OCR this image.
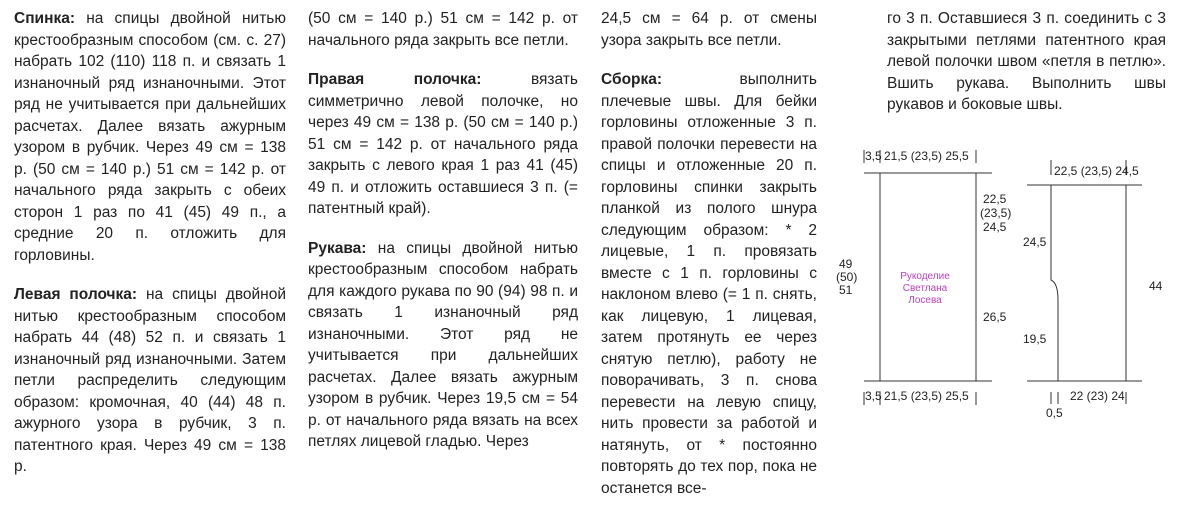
Спинка: на спицы двойной нитью крестообразным способом (см. с. 27) набрать 102 (110) 118 п. и связать 1 изнаночный ряд изнаночными. Этот ряд не учитывается при дальнейших расчетах. Далее вязать ажурным узором в рубчик. Через 49 см = 138 р. (50 см = 140 р.) 51 см = 142 р. от начального ряда закрыть с обеих сторон 1 раз по 41 (45) 49 п., а средние 20 п. отложить для горловины.

Левая полочка: на спицы двойной нитью крестообразным способом набрать 44 (48) 52 п. и связать 1 изнаночный ряд изнаночными. Затем петли распределить следующим образом: кромочная, 40 (44) 48 п. ажурного узора в рубчик, 3 п. патентного края. Через 49 см = 138 р.

(50 см = 140 р.) 51 см = 142 р. от начального ряда закрыть все петли.

Правая полочка: вязать симметрично левой полочке, но через 49 см = 138 р. (50 см = 140 р.) 51 см = 142 р. от начального ряда закрыть с левого края 1 раз 41 (45) 49 п. и отложить оставшиеся 3 п. (= патентный край).

Рукава: на спицы двойной нитью крестообразным способом набрать для каждого рукава по 90 (94) 98 п. и связать 1 изнаночный ряд изнаночными. Этот ряд не учитывается при дальнейших расчетах. Далее вязать ажурным узором в рубчик. Через 19,5 см = 54 р. от начального ряда вязать на всех петлях лицевой гладью. Через

24,5 см = 64 р. от смены узора закрыть все петли.

Сборка: выполнить плечевые швы. Для бейки горловины отложенные 3 п. правой полочки перевести на спицы и отложенные 20 п. горловины спинки закрыть планкой из полого шнура следующим образом: * 2 лицевые, 1 п. провязать вместе с 1 п. горловины с наклоном влево (= 1 п. снять, как лицевую, 1 лицевая, затем протянуть ее через снятую петлю), работу не поворачивать, 3 п. снова перевести на левую спицу, нить провести за работой и натянуть, от * постоянно повторять до тех пор, пока не останется все-

го 3 п. Оставшиеся 3 п. соединить с 3 закрытыми петлями патентного края левой полочки швом «петля в петлю». Вшить рукава. Выполнить швы рукавов и боковые швы.

3,5 21,5 (23,5) 25,5
22,5
(23,5)
24,5
26,5
49
(50)
51
3,5 21,5 (23,5) 25,5
Рукоделие
Светлана
Лосева
22,5 (23,5) 24,5
24,5
19,5
44
22 (23) 24
0,5
